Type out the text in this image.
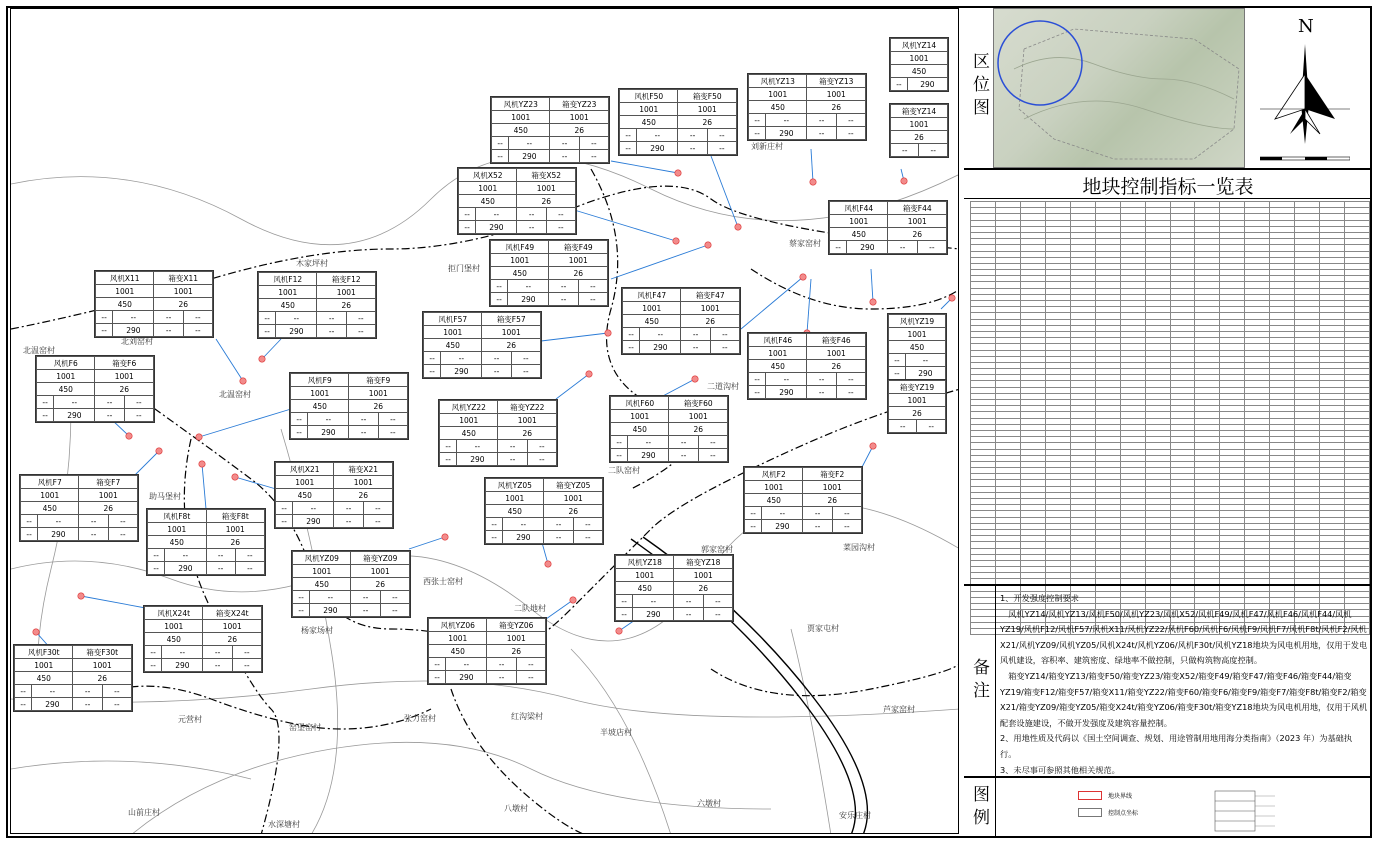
风机YZ14
1001
450
--	290
箱变YZ14
1001
26
--	--
风机YZ13		箱变YZ13	
1001		1001	
450		26	
--	--	--	--
--	290	--	--
风机F50		箱变F50	
1001		1001	
450		26	
--	--	--	--
--	290	--	--
风机YZ23		箱变YZ23	
1001		1001	
450		26	
--	--	--	--
--	290	--	--
风机X52		箱变X52	
1001		1001	
450		26	
--	--	--	--
--	290	--	--
风机F44		箱变F44	
1001		1001	
450		26	
--	290	--	--
风机F49		箱变F49	
1001		1001	
450		26	
--	--	--	--
--	290	--	--
风机X11		箱变X11	
1001		1001	
450		26	
--	--	--	--
--	290	--	--
风机F12		箱变F12	
1001		1001	
450		26	
--	--	--	--
--	290	--	--
风机F47		箱变F47	
1001		1001	
450		26	
--	--	--	--
--	290	--	--
风机F57		箱变F57	
1001		1001	
450		26	
--	--	--	--
--	290	--	--
风机YZ19	
1001	
450	
--	--
--	290
风机F46		箱变F46	
1001		1001	
450		26	
--	--	--	--
--	290	--	--
风机F6		箱变F6	
1001		1001	
450		26	
--	--	--	--
--	290	--	--
风机F9		箱变F9	
1001		1001	
450		26	
--	--	--	--
--	290	--	--
箱变YZ19
1001
26
--	--
风机F60		箱变F60	
1001		1001	
450		26	
--	--	--	--
--	290	--	--
风机YZ22		箱变YZ22	
1001		1001	
450		26	
--	--	--	--
--	290	--	--
风机X21		箱变X21	
1001		1001	
450		26	
--	--	--	--
--	290	--	--
风机F2		箱变F2	
1001		1001	
450		26	
--	--	--	--
--	290	--	--
风机F7		箱变F7	
1001		1001	
450		26	
--	--	--	--
--	290	--	--
风机YZ05		箱变YZ05	
1001		1001	
450		26	
--	--	--	--
--	290	--	--
风机F8t		箱变F8t	
1001		1001	
450		26	
--	--	--	--
--	290	--	--
风机YZ09		箱变YZ09	
1001		1001	
450		26	
--	--	--	--
--	290	--	--
风机YZ18		箱变YZ18	
1001		1001	
450		26	
--	--	--	--
--	290	--	--
风机X24t		箱变X24t	
1001		1001	
450		26	
--	--	--	--
--	290	--	--
风机YZ06		箱变YZ06	
1001		1001	
450		26	
--	--	--	--
--	290	--	--
风机F30t		箱变F30t	
1001		1001	
450		26	
--	--	--	--
--	290	--	--
刘新庄村
木家坪村
拒门堡村
蔡家窑村
北温窑村
北刘窑村
北温窑村
二道沟村
二队窑村
助马堡村
郭家窑村	菜园沟村
西张士窑村
二队地村
杨家场村	贾家屯村
元营村
窑堡窑村
张力窑村	红沟梁村
半坡店村
芦家窑村
山前庄村	八墩村
六墩村
水深塘村
安乐庄村
区位图
N
地块控制指标一览表

备注

1、开发强度控制要求

　风机YZ14/风机YZ13/风机F50/风机YZ23/风机X52/风机F49/风机F47/风机F46/风机F44/风机YZ19/风机F12/风机F57/风机X11/风机YZ22/风机F60/风机F6/风机F9/风机F7/风机F8t/风机F2/风机X21/风机YZ09/风机YZ05/风机X24t/风机YZ06/风机F30t/风机YZ18地块为风电机用地，仅用于发电风机建设，容积率、建筑密度、绿地率不做控制，只做构筑物高度控制。

　箱变YZ14/箱变YZ13/箱变F50/箱变YZ23/箱变X52/箱变F49/箱变F47/箱变F46/箱变F44/箱变YZ19/箱变F12/箱变F57/箱变X11/箱变YZ22/箱变F60/箱变F6/箱变F9/箱变F7/箱变F8t/箱变F2/箱变X21/箱变YZ09/箱变YZ05/箱变X24t/箱变YZ06/箱变F30t/箱变YZ18地块为风电机用地，仅用于风机配套设施建设，不做开发强度及建筑容量控制。

2、用地性质及代码以《国土空间调查、规划、用途管制用地用海分类指南》（2023 年）为基础执行。

3、未尽事可参照其他相关规范。

图例	地块界线
控制点坐标
